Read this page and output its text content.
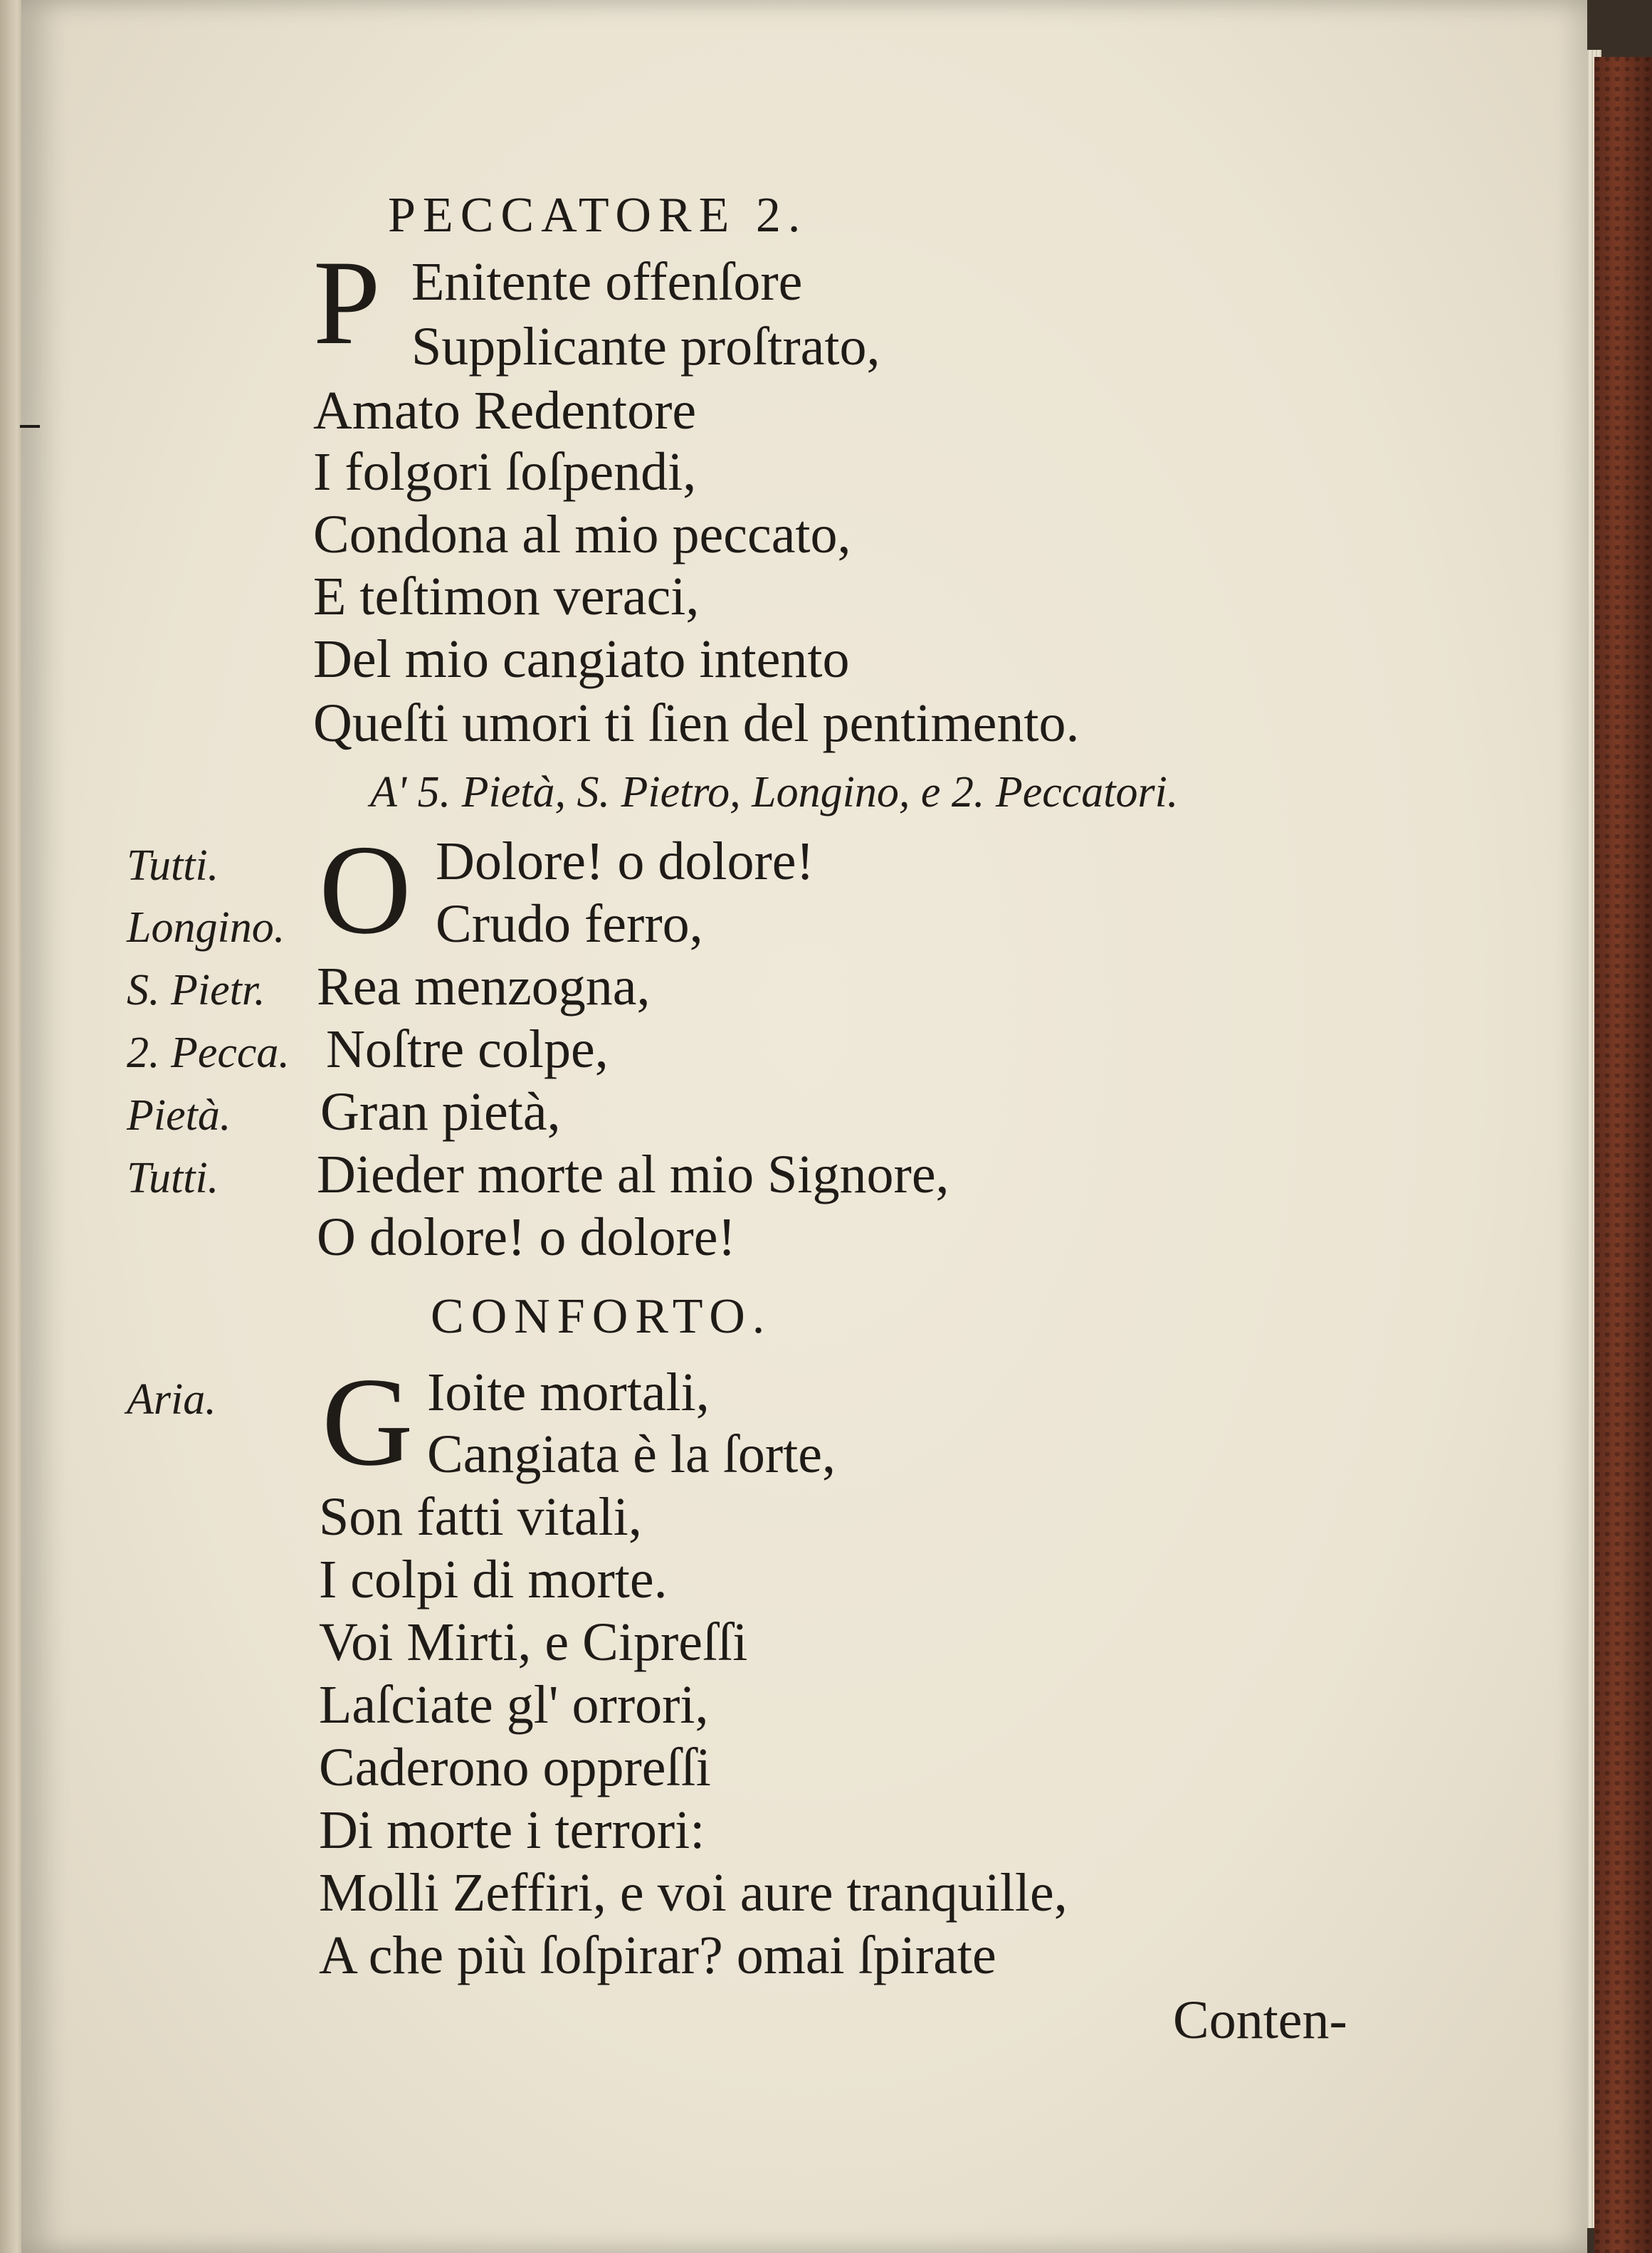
PECCATORE 2.
P Enitente offenſore
Supplicante proſtrato,
Amato Redentore
I folgori ſoſpendi,
Condona al mio peccato,
E teſtimon veraci,
Del mio cangiato intento
Queſti umori ti ſien del pentimento.
A' 5. Pietà, S. Pietro, Longino, e 2. Peccatori.
O
Tutti.	Dolore! o dolore!
Longino.	Crudo ferro,
S. Pietr. Rea menzogna,
2. Pecca. Noſtre colpe,
Pietà. Gran pietà,
Tutti. Dieder morte al mio Signore,
O dolore! o dolore!
CONFORTO.
Aria. G Ioite mortali,
Cangiata è la ſorte,
Son fatti vitali,
I colpi di morte.
Voi Mirti, e Cipreſſi
Laſciate gl' orrori,
Caderono oppreſſi
Di morte i terrori:
Molli Zeffiri, e voi aure tranquille,
A che più ſoſpirar? omai ſpirate
Conten-
